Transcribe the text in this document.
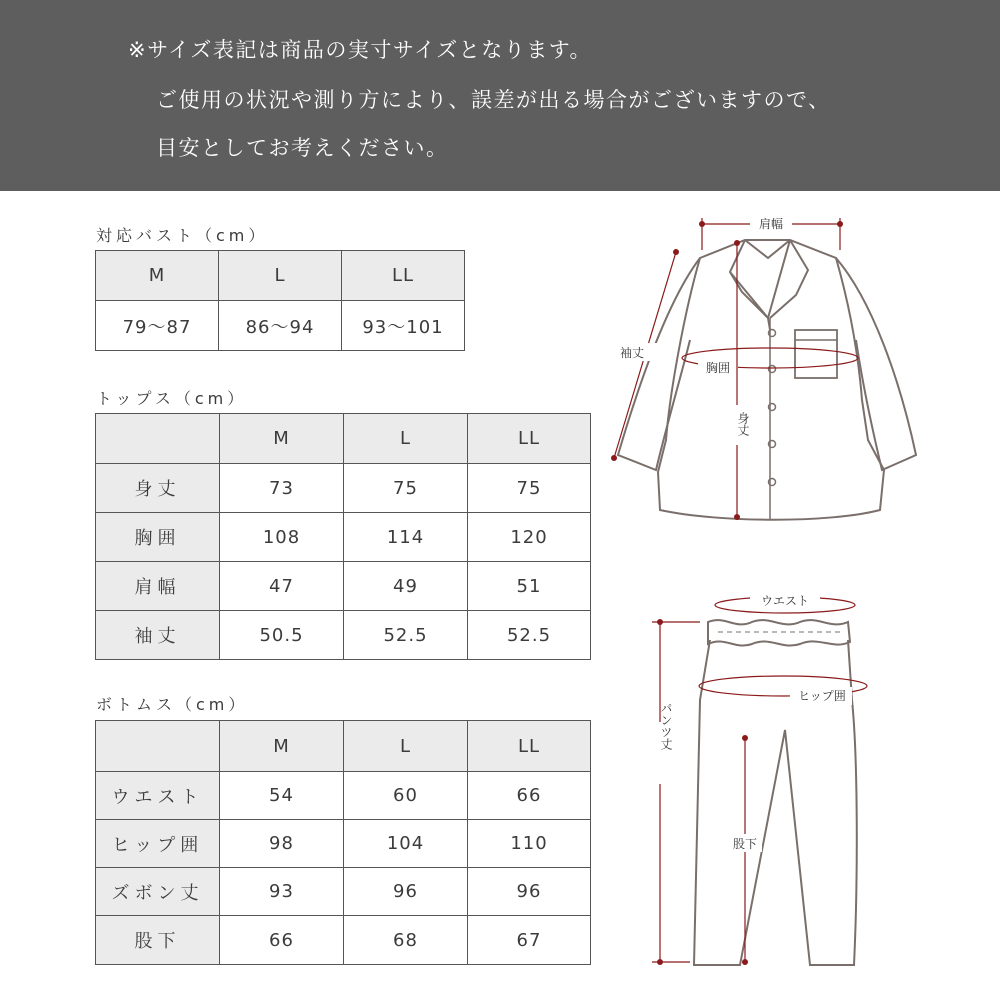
※サイズ表記は商品の実寸サイズとなります。
ご使用の状況や測り方により、誤差が出る場合がございますので、
目安としてお考えください。
対応バスト（cm）
M	L	LL
79〜87	86〜94	93〜101
トップス（cm）
	M	L	LL
身丈	73	75	75
胸囲	108	114	120
肩幅	47	49	51
袖丈	50.5	52.5	52.5
ボトムス（cm）
	M	L	LL
ウエスト	54	60	66
ヒップ囲	98	104	110
ズボン丈	93	96	96
股下	66	68	67
肩幅
袖丈
胸囲
身丈
ウエスト
ヒップ囲
パンツ丈
股下
